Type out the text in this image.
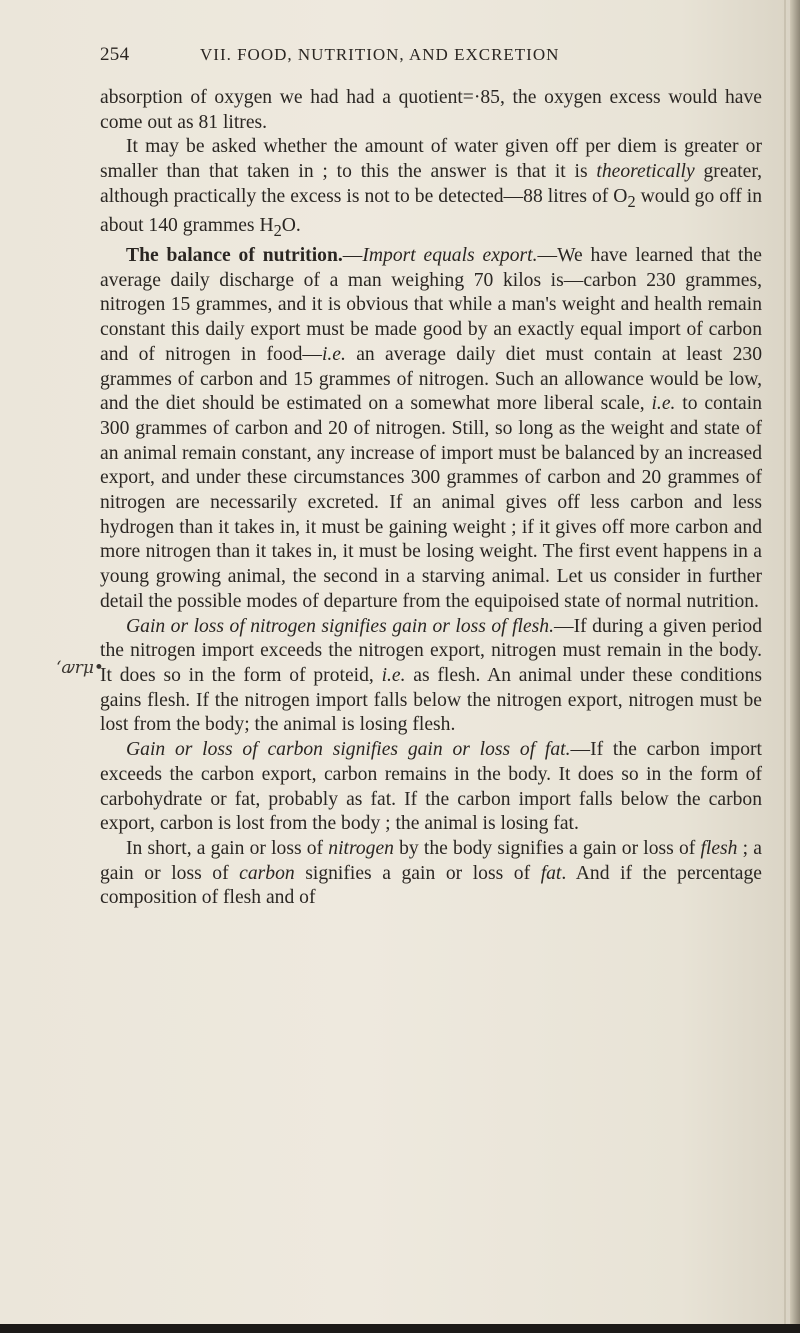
254	VII. FOOD, NUTRITION, AND EXCRETION
ʻꜹrμ•

absorption of oxygen we had had a quotient=·85, the oxygen excess would have come out as 81 litres.

It may be asked whether the amount of water given off per diem is greater or smaller than that taken in ; to this the answer is that it is theoretically greater, although practically the excess is not to be detected—88 litres of $O_2$ would go off in about 140 grammes $H_2O$.

The balance of nutrition.—Import equals export.—We have learned that the average daily discharge of a man weighing 70 kilos is—carbon 230 grammes, nitrogen 15 grammes, and it is obvious that while a man's weight and health remain constant this daily export must be made good by an exactly equal import of carbon and of nitrogen in food—i.e. an average daily diet must contain at least 230 grammes of carbon and 15 grammes of nitrogen. Such an allowance would be low, and the diet should be estimated on a somewhat more liberal scale, i.e. to contain 300 grammes of carbon and 20 of nitrogen. Still, so long as the weight and state of an animal remain constant, any increase of import must be balanced by an increased export, and under these circumstances 300 grammes of carbon and 20 grammes of nitrogen are necessarily excreted. If an animal gives off less carbon and less hydrogen than it takes in, it must be gaining weight ; if it gives off more carbon and more nitrogen than it takes in, it must be losing weight. The first event happens in a young growing animal, the second in a starving animal. Let us consider in further detail the possible modes of departure from the equipoised state of normal nutrition.

Gain or loss of nitrogen signifies gain or loss of flesh.—If during a given period the nitrogen import exceeds the nitrogen export, nitrogen must remain in the body. It does so in the form of proteid, i.e. as flesh. An animal under these conditions gains flesh. If the nitrogen import falls below the nitrogen export, nitrogen must be lost from the body; the animal is losing flesh.

Gain or loss of carbon signifies gain or loss of fat.—If the carbon import exceeds the carbon export, carbon remains in the body. It does so in the form of carbohydrate or fat, probably as fat. If the carbon import falls below the carbon export, carbon is lost from the body ; the animal is losing fat.

In short, a gain or loss of nitrogen by the body signifies a gain or loss of flesh ; a gain or loss of carbon signifies a gain or loss of fat. And if the percentage composition of flesh and of
